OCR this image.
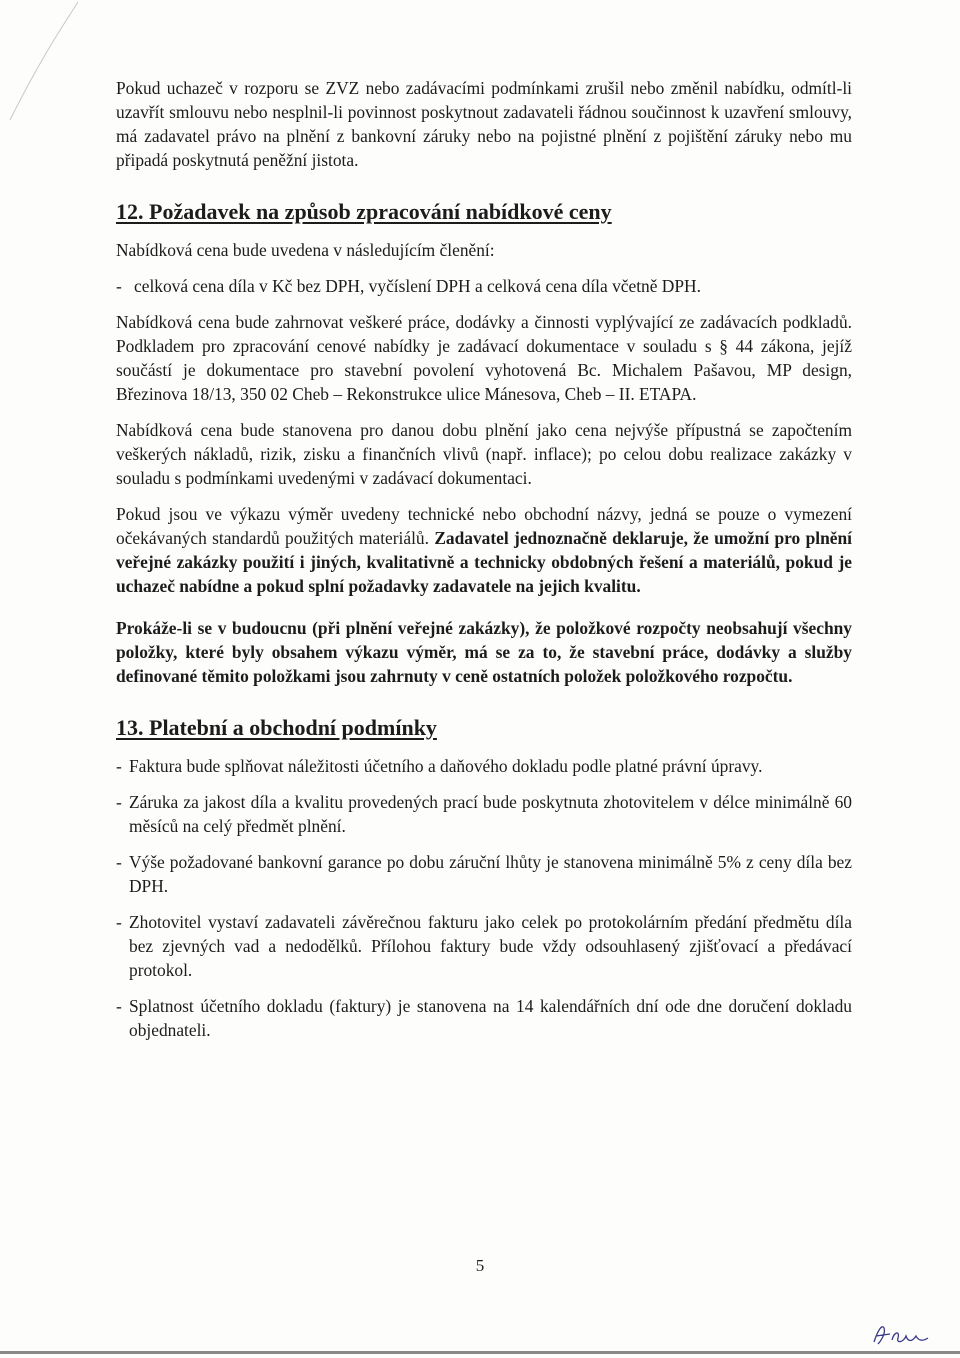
Pokud uchazeč v rozporu se ZVZ nebo zadávacími podmínkami zrušil nebo změnil nabídku, odmítl-li uzavřít smlouvu nebo nesplnil-li povinnost poskytnout zadavateli řádnou součinnost k uzavření smlouvy, má zadavatel právo na plnění z bankovní záruky nebo na pojistné plnění z pojištění záruky nebo mu připadá poskytnutá peněžní jistota.

12. Požadavek na způsob zpracování nabídkové ceny

Nabídková cena bude uvedena v následujícím členění:

- celková cena díla v Kč bez DPH, vyčíslení DPH a celková cena díla včetně DPH.

Nabídková cena bude zahrnovat veškeré práce, dodávky a činnosti vyplývající ze zadávacích podkladů. Podkladem pro zpracování cenové nabídky je zadávací dokumentace v souladu s § 44 zákona, jejíž součástí je dokumentace pro stavební povolení vyhotovená Bc. Michalem Pašavou, MP design, Březinova 18/13, 350 02 Cheb – Rekonstrukce ulice Mánesova, Cheb – II. ETAPA.

Nabídková cena bude stanovena pro danou dobu plnění jako cena nejvýše přípustná se započtením veškerých nákladů, rizik, zisku a finančních vlivů (např. inflace); po celou dobu realizace zakázky v souladu s podmínkami uvedenými v zadávací dokumentaci.

Pokud jsou ve výkazu výměr uvedeny technické nebo obchodní názvy, jedná se pouze o vymezení očekávaných standardů použitých materiálů. Zadavatel jednoznačně deklaruje, že umožní pro plnění veřejné zakázky použití i jiných, kvalitativně a technicky obdobných řešení a materiálů, pokud je uchazeč nabídne a pokud splní požadavky zadavatele na jejich kvalitu.

Prokáže-li se v budoucnu (při plnění veřejné zakázky), že položkové rozpočty neobsahují všechny položky, které byly obsahem výkazu výměr, má se za to, že stavební práce, dodávky a služby definované těmito položkami jsou zahrnuty v ceně ostatních položek položkového rozpočtu.

13. Platební a obchodní podmínky

- Faktura bude splňovat náležitosti účetního a daňového dokladu podle platné právní úpravy.

- Záruka za jakost díla a kvalitu provedených prací bude poskytnuta zhotovitelem v délce minimálně 60 měsíců na celý předmět plnění.

- Výše požadované bankovní garance po dobu záruční lhůty je stanovena minimálně 5% z ceny díla bez DPH.

- Zhotovitel vystaví zadavateli závěrečnou fakturu jako celek po protokolárním předání předmětu díla bez zjevných vad a nedodělků. Přílohou faktury bude vždy odsouhlasený zjišťovací a předávací protokol.

- Splatnost účetního dokladu (faktury) je stanovena na 14 kalendářních dní ode dne doručení dokladu objednateli.

5
